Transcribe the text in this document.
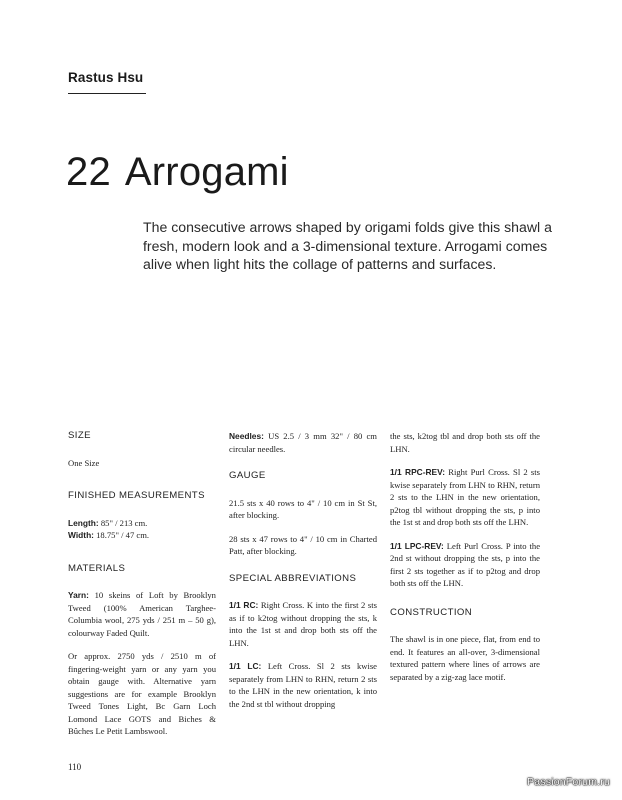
Rastus Hsu
22 Arrogami
The consecutive arrows shaped by origami folds give this shawl a fresh, modern look and a 3-dimensional texture. Arrogami comes alive when light hits the collage of patterns and surfaces.
SIZE
One Size
FINISHED MEASUREMENTS
Length: 85" / 213 cm.
Width: 18.75" / 47 cm.
MATERIALS
Yarn: 10 skeins of Loft by Brooklyn Tweed (100% American Targhee-Columbia wool, 275 yds / 251 m – 50 g), colourway Faded Quilt.
Or approx. 2750 yds / 2510 m of fingering-weight yarn or any yarn you obtain gauge with. Alternative yarn suggestions are for example Brooklyn Tweed Tones Light, Bc Garn Loch Lomond Lace GOTS and Biches & Bûches Le Petit Lambswool.
Needles: US 2.5 / 3 mm 32" / 80 cm circular needles.
GAUGE
21.5 sts x 40 rows to 4" / 10 cm in St St, after blocking.
28 sts x 47 rows to 4" / 10 cm in Charted Patt, after blocking.
SPECIAL ABBREVIATIONS
1/1 RC: Right Cross. K into the first 2 sts as if to k2tog without dropping the sts, k into the 1st st and drop both sts off the LHN.
1/1 LC: Left Cross. Sl 2 sts kwise separately from LHN to RHN, return 2 sts to the LHN in the new orientation, k into the 2nd st tbl without dropping
the sts, k2tog tbl and drop both sts off the LHN.
1/1 RPC-REV: Right Purl Cross. Sl 2 sts kwise separately from LHN to RHN, return 2 sts to the LHN in the new orientation, p2tog tbl without dropping the sts, p into the 1st st and drop both sts off the LHN.
1/1 LPC-REV: Left Purl Cross. P into the 2nd st without dropping the sts, p into the first 2 sts together as if to p2tog and drop both sts off the LHN.
CONSTRUCTION
The shawl is in one piece, flat, from end to end. It features an all-over, 3-dimensional textured pattern where lines of arrows are separated by a zig-zag lace motif.
110
PassionForum.ru
